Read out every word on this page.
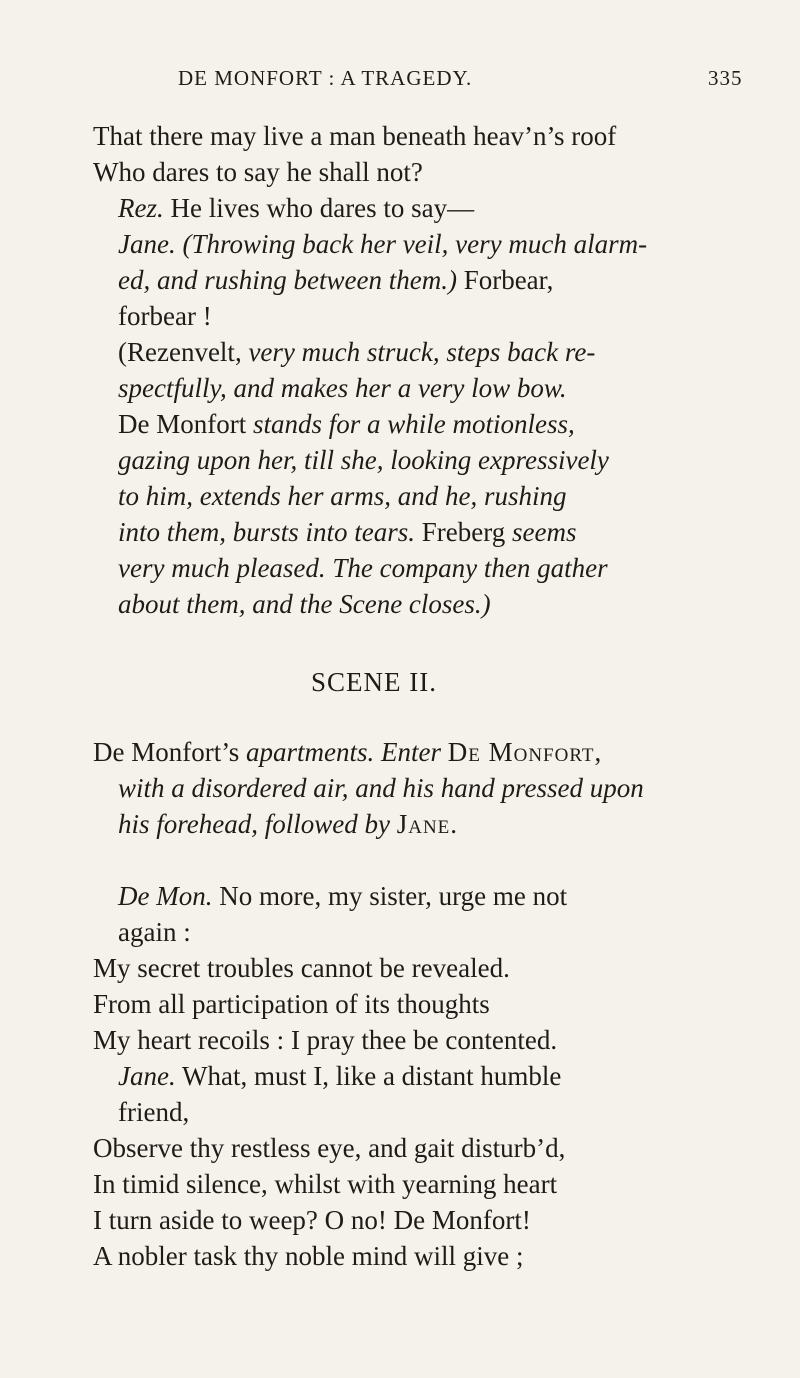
DE MONFORT : A TRAGEDY.	335
That there may live a man beneath heav’n’s roof
Who dares to say he shall not?
Rez. He lives who dares to say—
Jane. (Throwing back her veil, very much alarm-
ed, and rushing between them.) Forbear,
forbear !
(Rezenvelt, very much struck, steps back re-
spectfully, and makes her a very low bow.
De Monfort stands for a while motionless,
gazing upon her, till she, looking expressively
to him, extends her arms, and he, rushing
into them, bursts into tears. Freberg seems
very much pleased. The company then gather
about them, and the Scene closes.)
SCENE II.
De Monfort’s apartments. Enter De Monfort,
with a disordered air, and his hand pressed upon
his forehead, followed by Jane.
De Mon. No more, my sister, urge me not
again :
My secret troubles cannot be revealed.
From all participation of its thoughts
My heart recoils : I pray thee be contented.
Jane. What, must I, like a distant humble
friend,
Observe thy restless eye, and gait disturb’d,
In timid silence, whilst with yearning heart
I turn aside to weep? O no! De Monfort!
A nobler task thy noble mind will give ;
